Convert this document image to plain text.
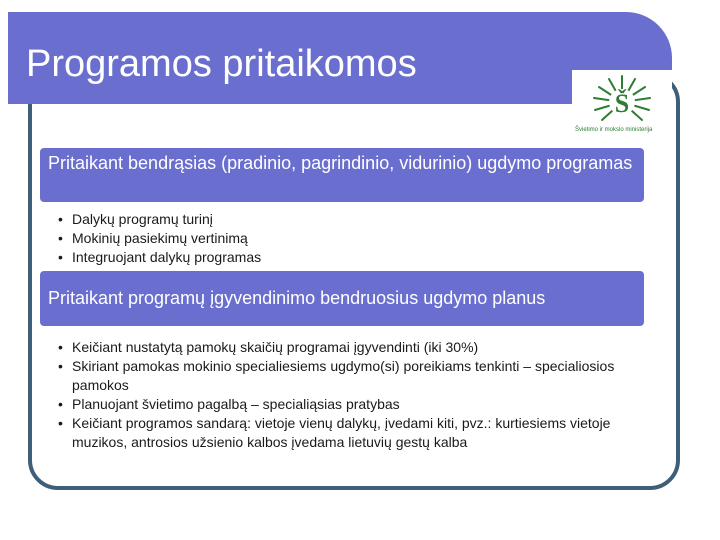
Programos pritaikomos
Š
Švietimo ir mokslo ministerija
Pritaikant bendrąsias (pradinio, pagrindinio, vidurinio) ugdymo programas
• Dalykų programų turinį
• Mokinių pasiekimų vertinimą
• Integruojant dalykų programas
Pritaikant programų įgyvendinimo bendruosius ugdymo planus
• Keičiant nustatytą pamokų skaičių programai įgyvendinti (iki 30%)
• Skiriant pamokas mokinio specialiesiems ugdymo(si) poreikiams tenkinti – specialiosios pamokos
• Planuojant švietimo pagalbą – specialiąsias pratybas
• Keičiant programos sandarą: vietoje vienų dalykų, įvedami kiti, pvz.: kurtiesiems vietoje muzikos, antrosios užsienio kalbos įvedama lietuvių gestų kalba
